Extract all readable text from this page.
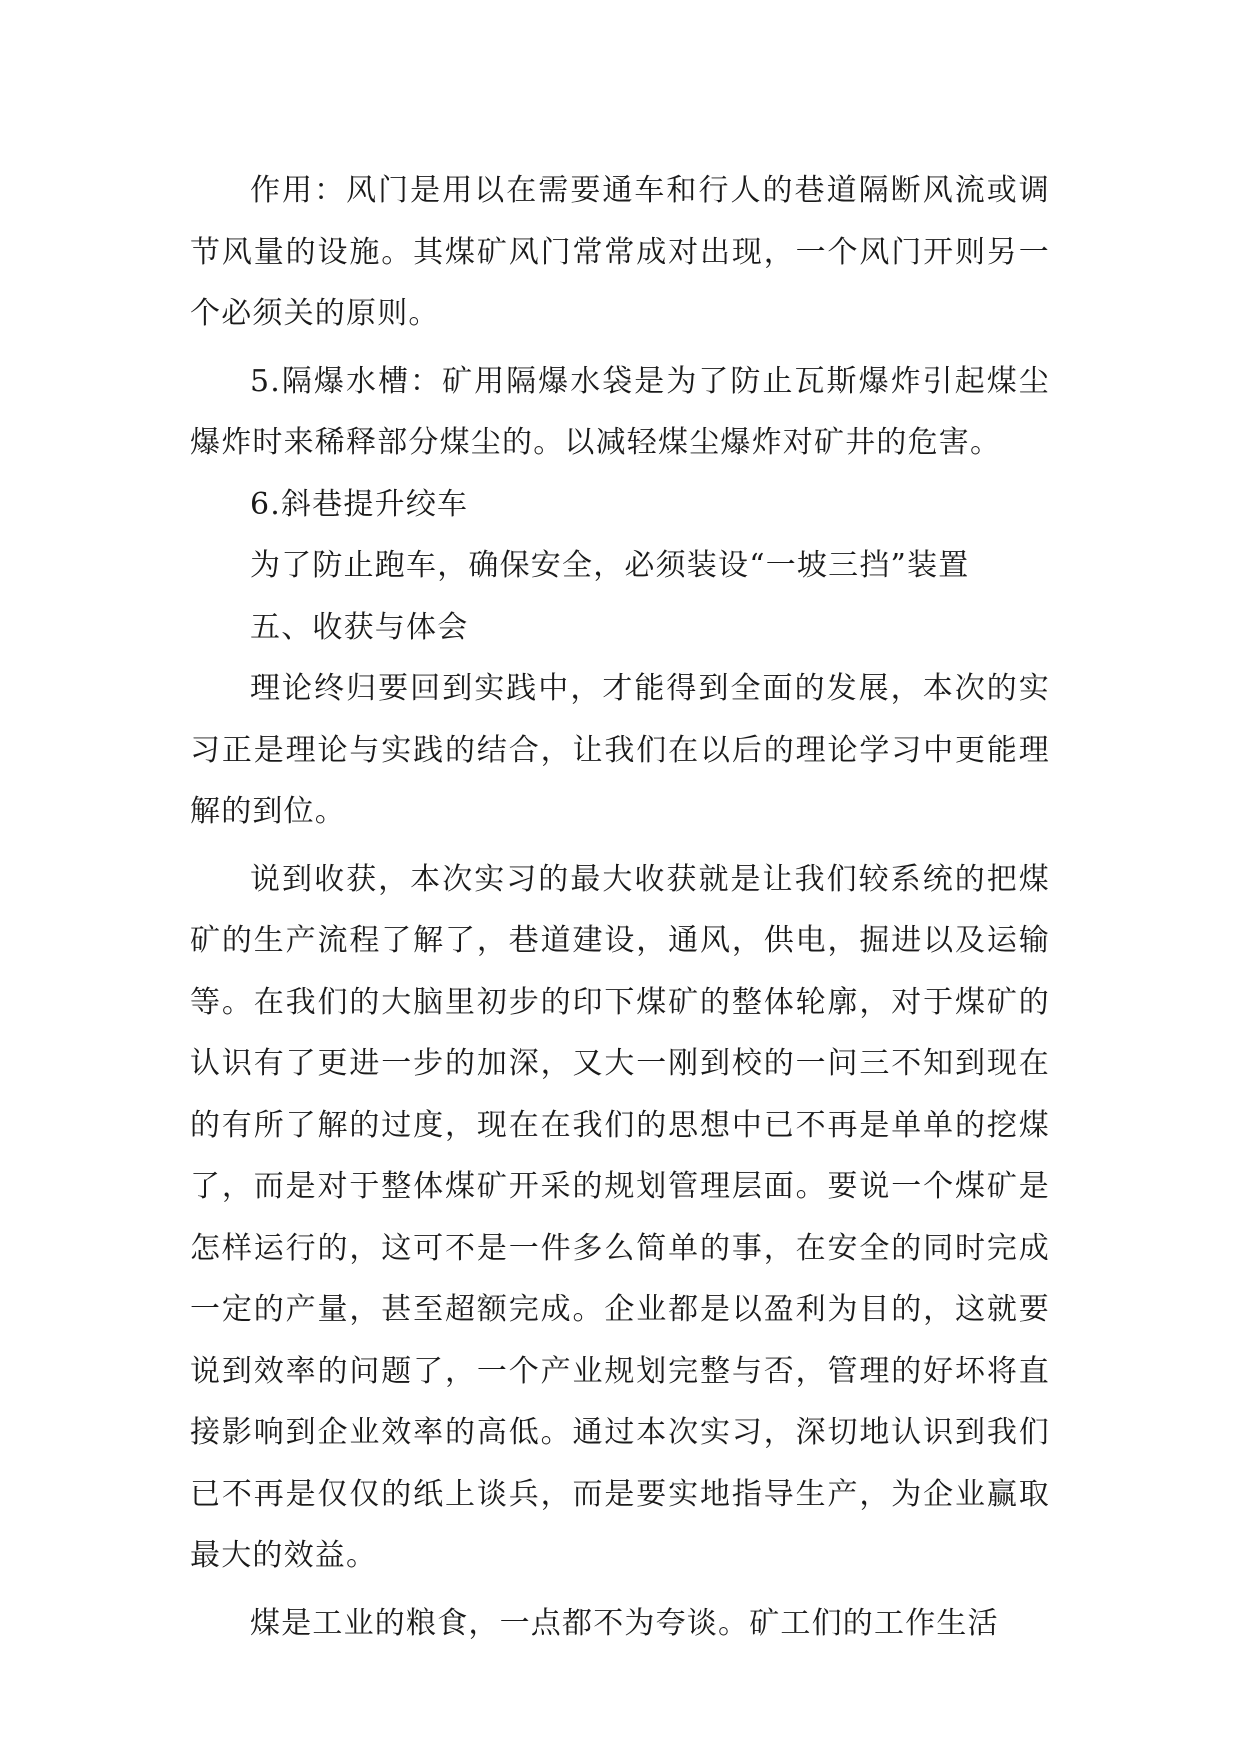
作用：风门是用以在需要通车和行人的巷道隔断风流或调节风量的设施。其煤矿风门常常成对出现，一个风门开则另一个必须关的原则。

5.隔爆水槽：矿用隔爆水袋是为了防止瓦斯爆炸引起煤尘爆炸时来稀释部分煤尘的。以减轻煤尘爆炸对矿井的危害。

6.斜巷提升绞车

为了防止跑车，确保安全，必须装设“一坡三挡”装置

五、收获与体会

理论终归要回到实践中，才能得到全面的发展，本次的实习正是理论与实践的结合，让我们在以后的理论学习中更能理解的到位。

说到收获，本次实习的最大收获就是让我们较系统的把煤矿的生产流程了解了，巷道建设，通风，供电，掘进以及运输等。在我们的大脑里初步的印下煤矿的整体轮廓，对于煤矿的认识有了更进一步的加深，又大一刚到校的一问三不知到现在的有所了解的过度，现在在我们的思想中已不再是单单的挖煤了，而是对于整体煤矿开采的规划管理层面。要说一个煤矿是怎样运行的，这可不是一件多么简单的事，在安全的同时完成一定的产量，甚至超额完成。企业都是以盈利为目的，这就要说到效率的问题了，一个产业规划完整与否，管理的好坏将直接影响到企业效率的高低。通过本次实习，深切地认识到我们已不再是仅仅的纸上谈兵，而是要实地指导生产，为企业赢取最大的效益。

煤是工业的粮食，一点都不为夸谈。矿工们的工作生活
